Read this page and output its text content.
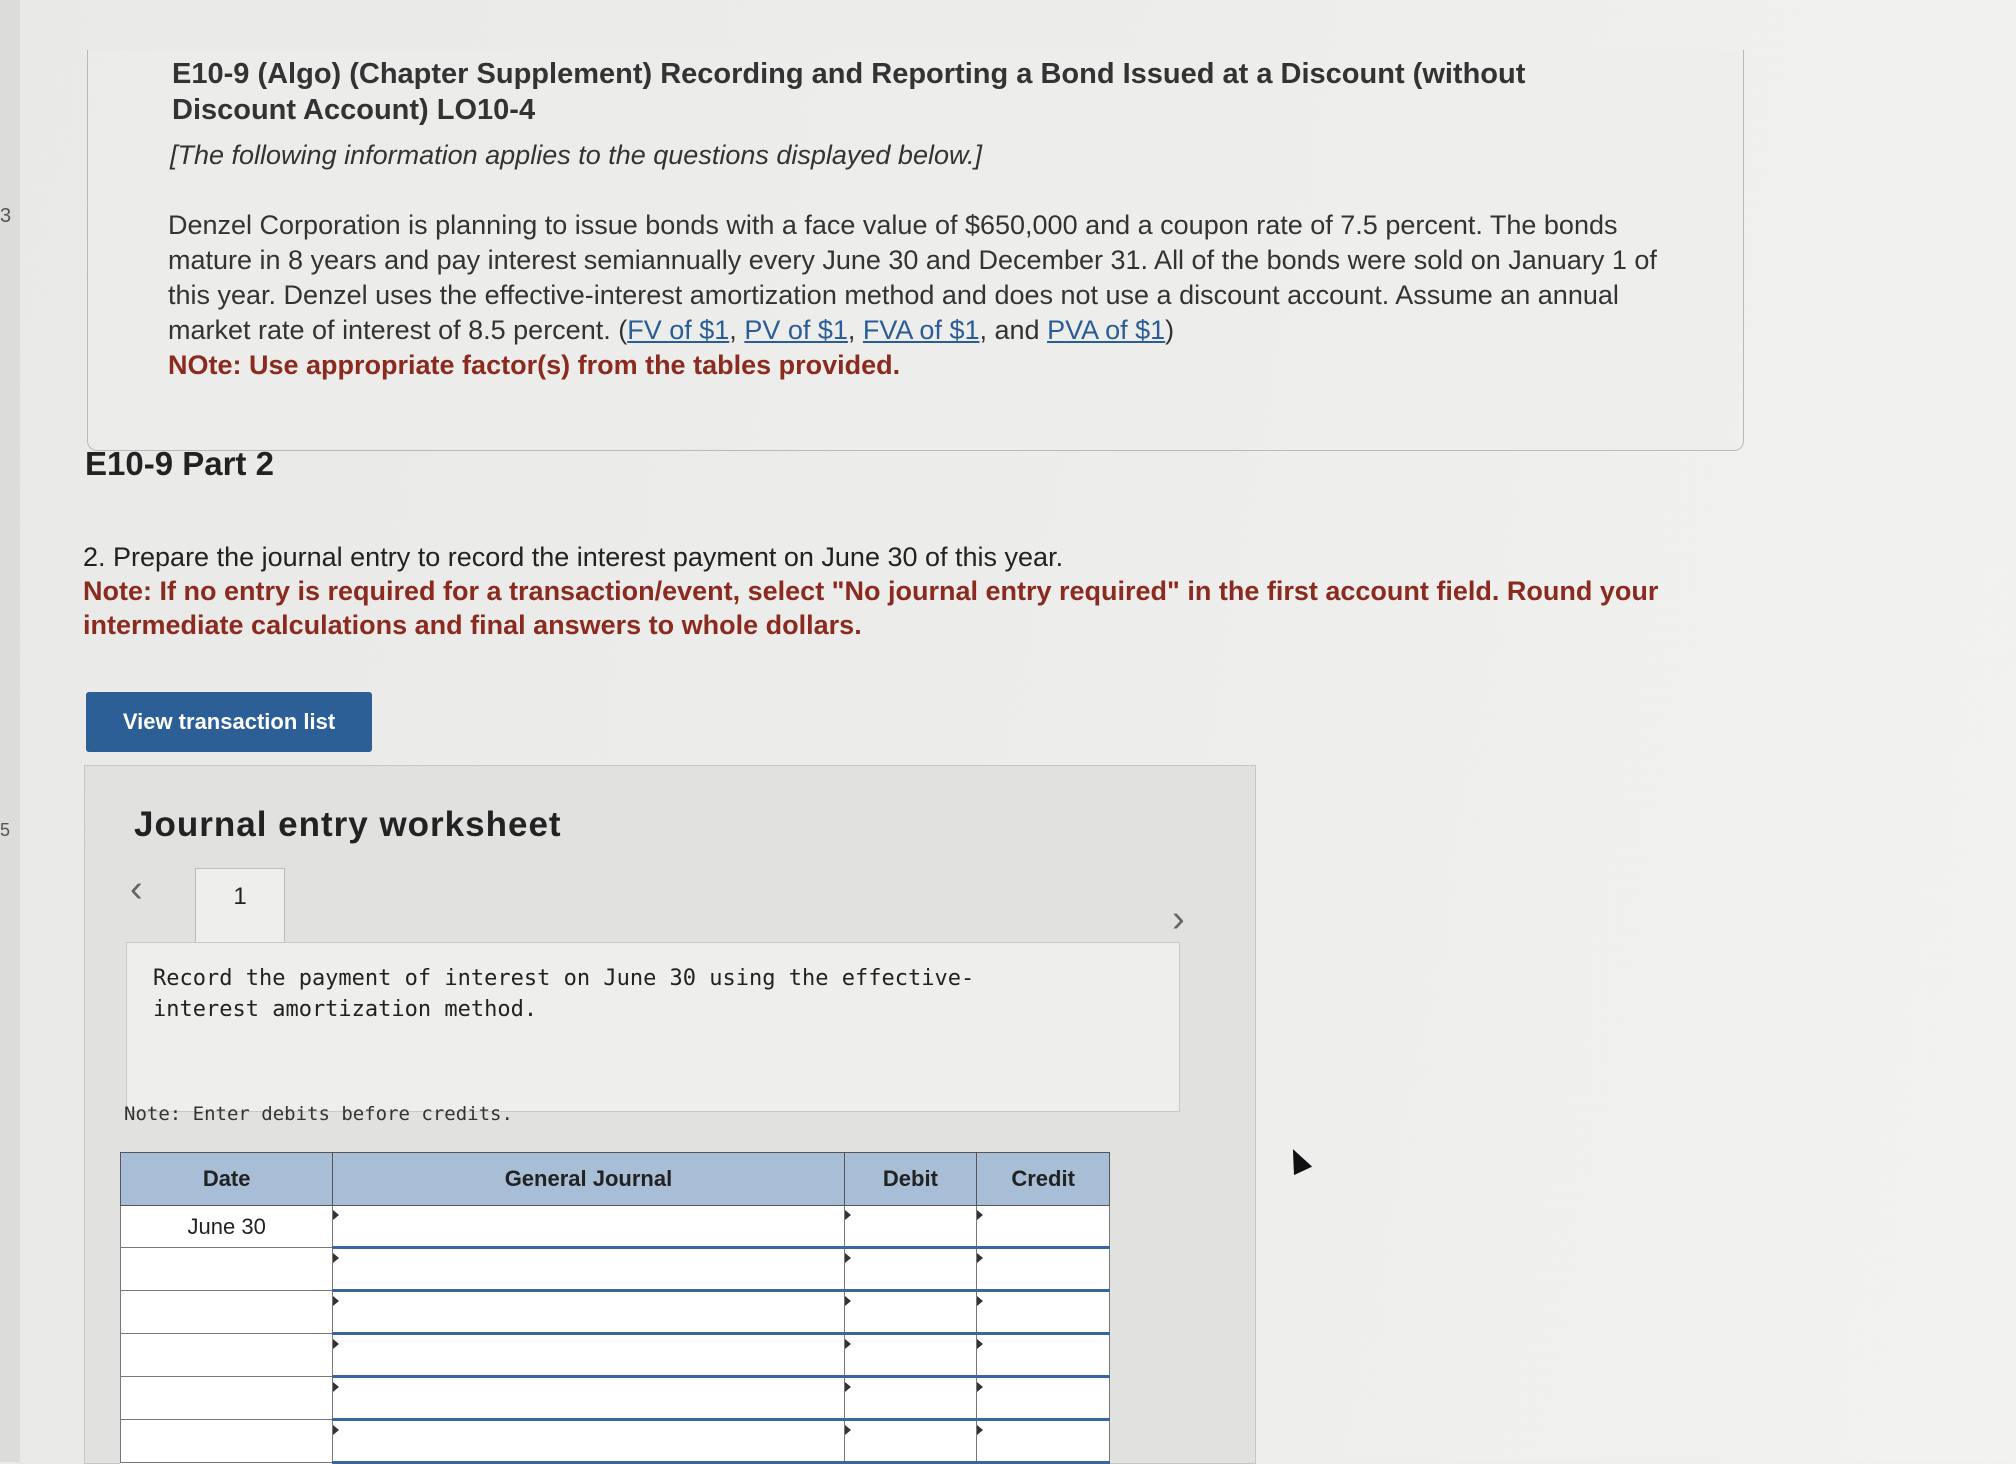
3
5
E10-9 (Algo) (Chapter Supplement) Recording and Reporting a Bond Issued at a Discount (without Discount Account) LO10-4
[The following information applies to the questions displayed below.]
Denzel Corporation is planning to issue bonds with a face value of $650,000 and a coupon rate of 7.5 percent. The bonds mature in 8 years and pay interest semiannually every June 30 and December 31. All of the bonds were sold on January 1 of this year. Denzel uses the effective-interest amortization method and does not use a discount account. Assume an annual market rate of interest of 8.5 percent. (FV of $1, PV of $1, FVA of $1, and PVA of $1)
NOte: Use appropriate factor(s) from the tables provided.
E10-9 Part 2
2. Prepare the journal entry to record the interest payment on June 30 of this year.
Note: If no entry is required for a transaction/event, select "No journal entry required" in the first account field. Round your intermediate calculations and final answers to whole dollars.
View transaction list
Journal entry worksheet
‹
›
1
Record the payment of interest on June 30 using the effective-interest amortization method.
Note: Enter debits before credits.
Date	General Journal	Debit	Credit
June 30			
